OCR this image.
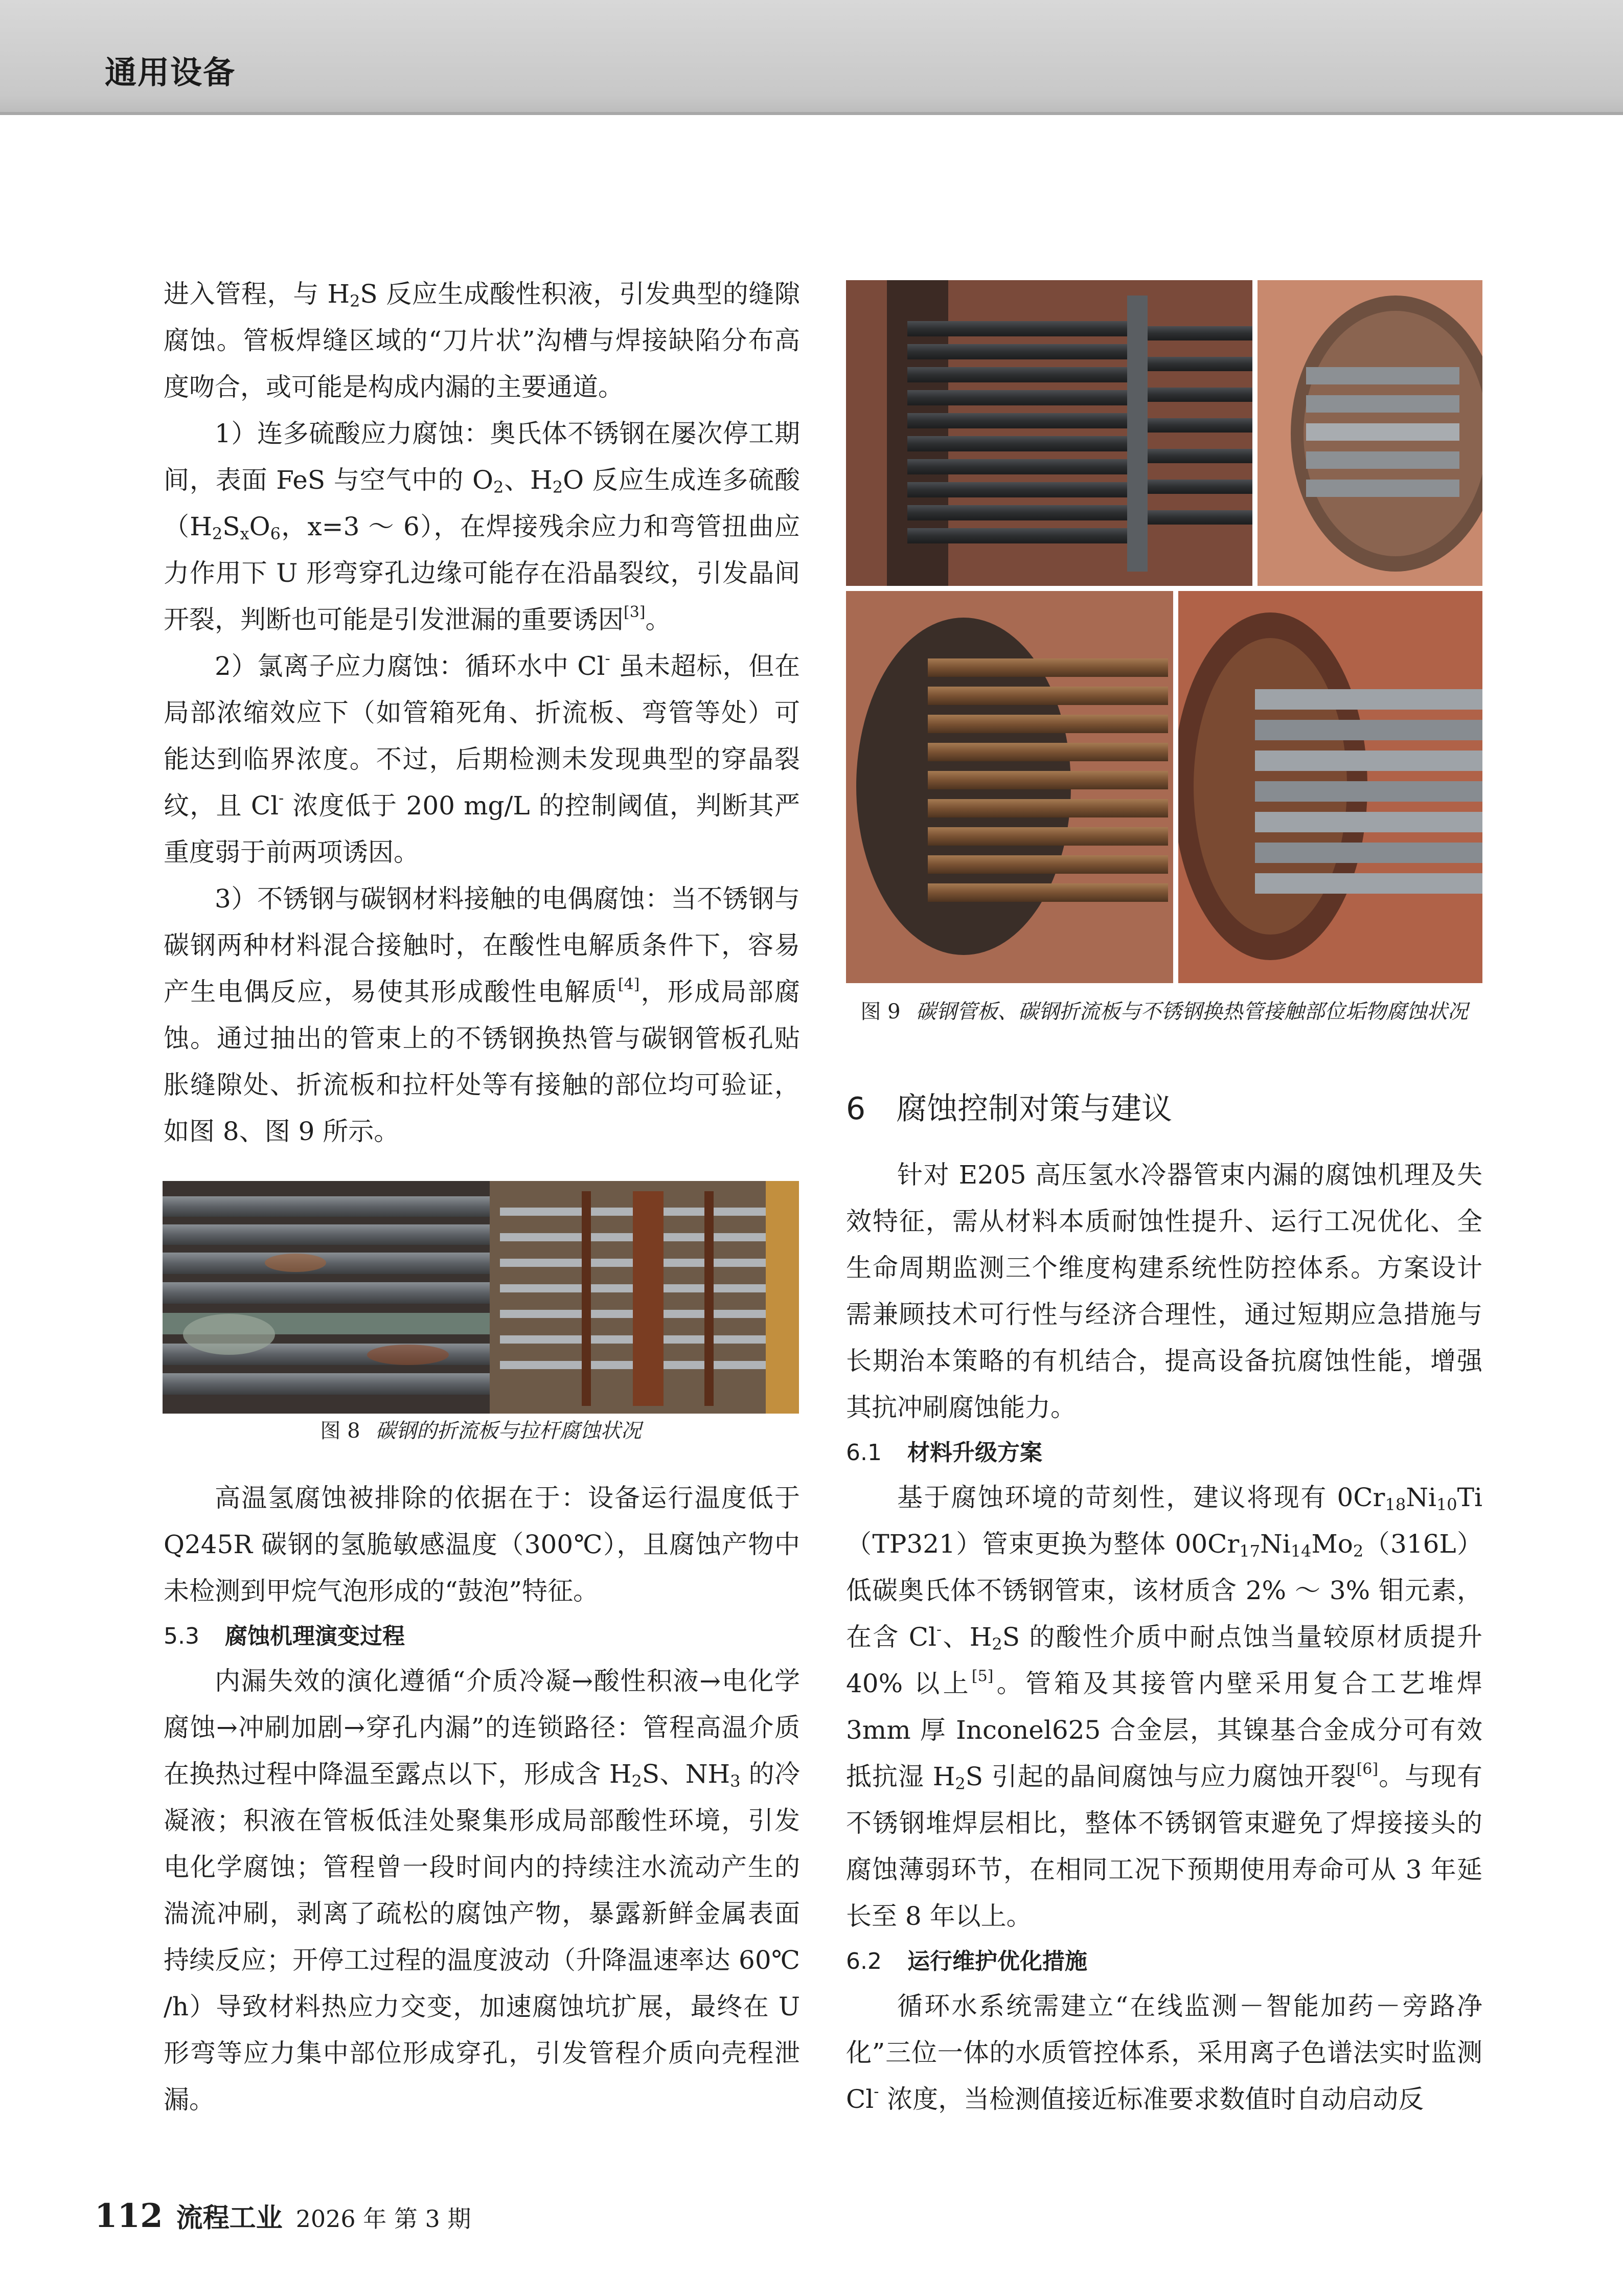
通用设备

进入管程，与 $H_2S$ 反应生成酸性积液，引发典型的缝隙腐蚀。管板焊缝区域的“刀片状”沟槽与焊接缺陷分布高度吻合，或可能是构成内漏的主要通道。

1）连多硫酸应力腐蚀：奥氏体不锈钢在屡次停工期间，表面 FeS 与空气中的 $O_2$、$H_2O$ 反应生成连多硫酸（$H_2S_xO_6$，x=3 ～ 6），在焊接残余应力和弯管扭曲应力作用下 U 形弯穿孔边缘可能存在沿晶裂纹，引发晶间开裂，判断也可能是引发泄漏的重要诱因[3]。

2）氯离子应力腐蚀：循环水中 Cl- 虽未超标，但在局部浓缩效应下（如管箱死角、折流板、弯管等处）可能达到临界浓度。不过，后期检测未发现典型的穿晶裂纹，且 Cl- 浓度低于 200 mg/L 的控制阈值，判断其严重度弱于前两项诱因。

3）不锈钢与碳钢材料接触的电偶腐蚀：当不锈钢与碳钢两种材料混合接触时，在酸性电解质条件下，容易产生电偶反应，易使其形成酸性电解质[4]，形成局部腐蚀。通过抽出的管束上的不锈钢换热管与碳钢管板孔贴胀缝隙处、折流板和拉杆处等有接触的部位均可验证，如图 8、图 9 所示。

图 8 碳钢的折流板与拉杆腐蚀状况

高温氢腐蚀被排除的依据在于：设备运行温度低于 Q245R 碳钢的氢脆敏感温度（300℃），且腐蚀产物中未检测到甲烷气泡形成的“鼓泡”特征。

5.3 腐蚀机理演变过程

内漏失效的演化遵循“介质冷凝→酸性积液→电化学腐蚀→冲刷加剧→穿孔内漏”的连锁路径：管程高温介质在换热过程中降温至露点以下，形成含 $H_2S$、$NH_3$ 的冷凝液；积液在管板低洼处聚集形成局部酸性环境，引发电化学腐蚀；管程曾一段时间内的持续注水流动产生的湍流冲刷，剥离了疏松的腐蚀产物，暴露新鲜金属表面持续反应；开停工过程的温度波动（升降温速率达 60℃ /h）导致材料热应力交变，加速腐蚀坑扩展，最终在 U 形弯等应力集中部位形成穿孔，引发管程介质向壳程泄漏。

图 9 碳钢管板、碳钢折流板与不锈钢换热管接触部位垢物腐蚀状况
6 腐蚀控制对策与建议

针对 E205 高压氢水冷器管束内漏的腐蚀机理及失效特征，需从材料本质耐蚀性提升、运行工况优化、全生命周期监测三个维度构建系统性防控体系。方案设计需兼顾技术可行性与经济合理性，通过短期应急措施与长期治本策略的有机结合，提高设备抗腐蚀性能，增强其抗冲刷腐蚀能力。

6.1 材料升级方案

基于腐蚀环境的苛刻性，建议将现有 $0Cr_{18}Ni_{10}Ti(TP321)$管束更换为整体 $00Cr_{17}Ni_{14}Mo_2(316L)$低碳奥氏体不锈钢管束，该材质含 2% ～ 3% 钼元素，在含 Cl-、$H_2S$ 的酸性介质中耐点蚀当量较原材质提升 40% 以上[5]。管箱及其接管内壁采用复合工艺堆焊 3mm 厚 Inconel625 合金层，其镍基合金成分可有效抵抗湿 $H_2S$ 引起的晶间腐蚀与应力腐蚀开裂[6]。与现有不锈钢堆焊层相比，整体不锈钢管束避免了焊接接头的腐蚀薄弱环节，在相同工况下预期使用寿命可从 3 年延长至 8 年以上。

6.2 运行维护优化措施

循环水系统需建立“在线监测－智能加药－旁路净化”三位一体的水质管控体系，采用离子色谱法实时监测 Cl- 浓度，当检测值接近标准要求数值时自动启动反

112 流程工业 2026 年 第 3 期
